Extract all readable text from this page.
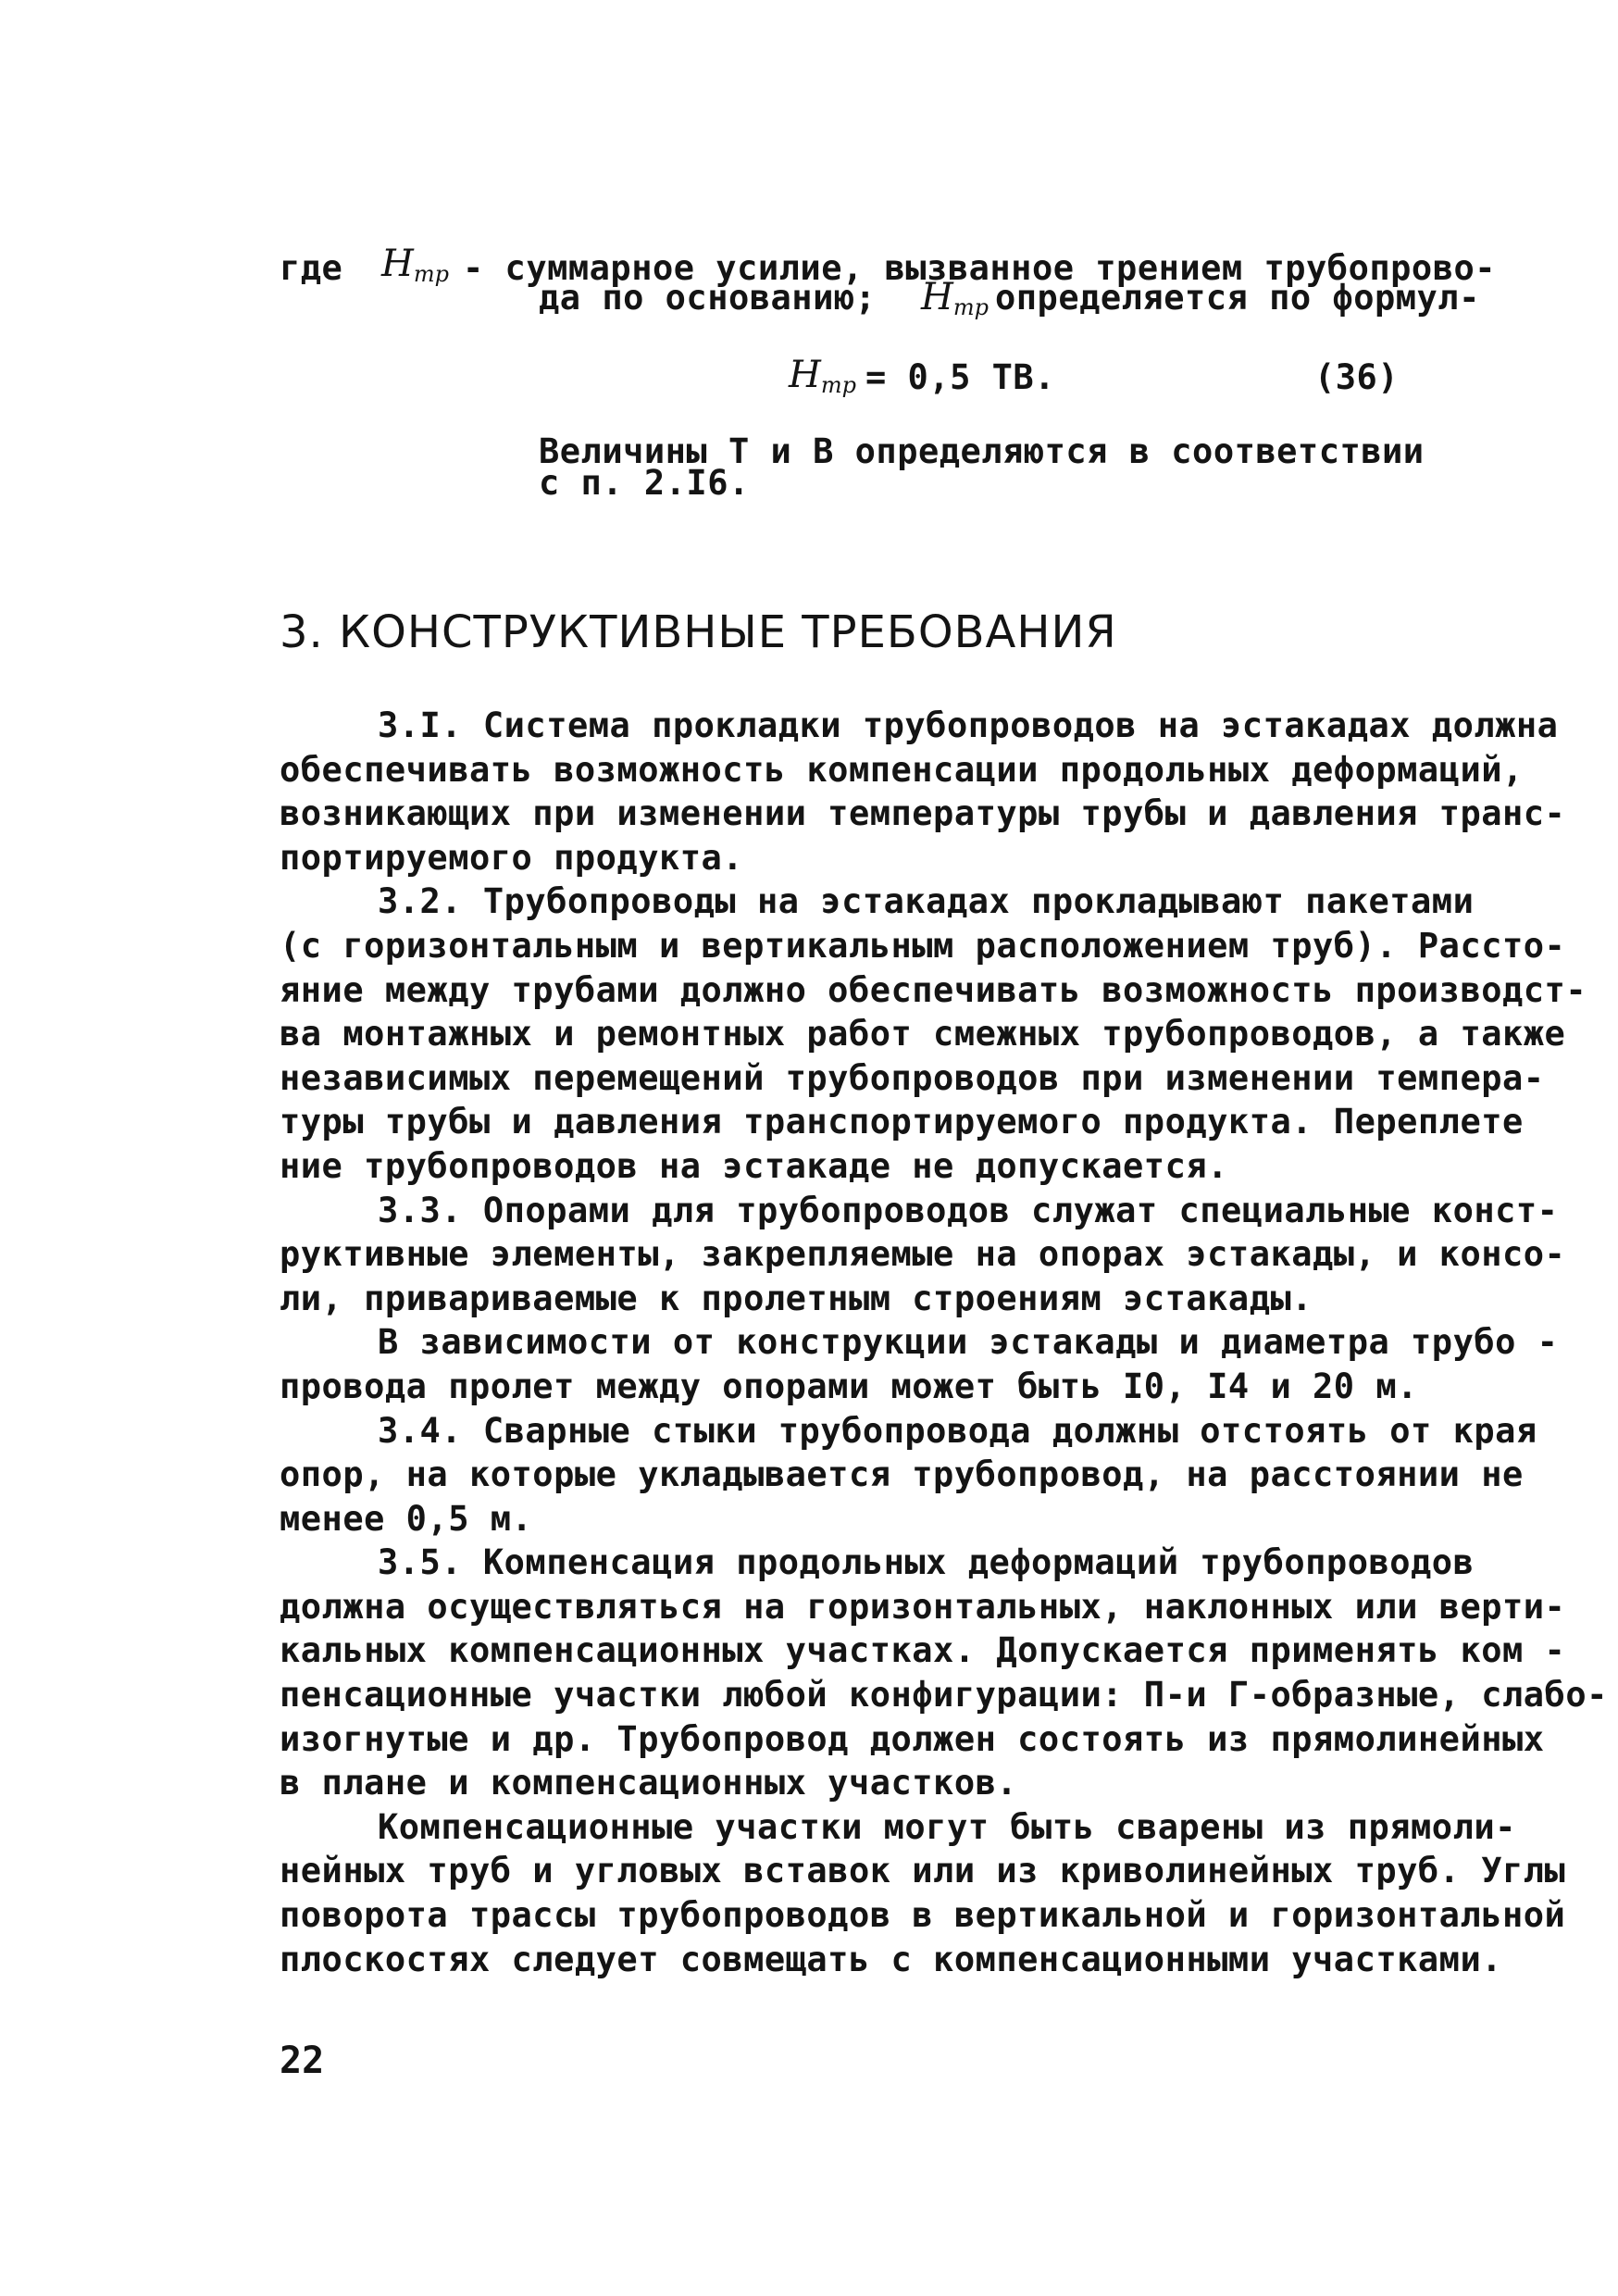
где $H_{тр}$ - суммарное усилие, вызванное трением трубопрово-
да по основанию; $H_{тр}$ определяется по формул-
$H_{тр} = 0,5$ ТВ.	(36)
Величины Т и В определяются в соответствии
с п. 2.I6.
3. КОНСТРУКТИВНЫЕ ТРЕБОВАНИЯ
3.I. Система прокладки трубопроводов на эстакадах должна
обеспечивать возможность компенсации продольных деформаций,
возникающих при изменении температуры трубы и давления транс-
портируемого продукта.
3.2. Трубопроводы на эстакадах прокладывают пакетами
(с горизонтальным и вертикальным расположением труб). Рассто-
яние между трубами должно обеспечивать возможность производст-
ва монтажных и ремонтных работ смежных трубопроводов, а также
независимых перемещений трубопроводов при изменении темпера-
туры трубы и давления транспортируемого продукта. Переплете
ние трубопроводов на эстакаде не допускается.
3.3. Опорами для трубопроводов служат специальные конст-
руктивные элементы, закрепляемые на опорах эстакады, и консо-
ли, привариваемые к пролетным строениям эстакады.
В зависимости от конструкции эстакады и диаметра трубо -
провода пролет между опорами может быть I0, I4 и 20 м.
3.4. Сварные стыки трубопровода должны отстоять от края
опор, на которые укладывается трубопровод, на расстоянии не
менее 0,5 м.
3.5. Компенсация продольных деформаций трубопроводов
должна осуществляться на горизонтальных, наклонных или верти-
кальных компенсационных участках. Допускается применять ком -
пенсационные участки любой конфигурации: П-и Г-образные, слабо-
изогнутые и др. Трубопровод должен состоять из прямолинейных
в плане и компенсационных участков.
Компенсационные участки могут быть сварены из прямоли-
нейных труб и угловых вставок или из криволинейных труб. Углы
поворота трассы трубопроводов в вертикальной и горизонтальной
плоскостях следует совмещать с компенсационными участками.
22
